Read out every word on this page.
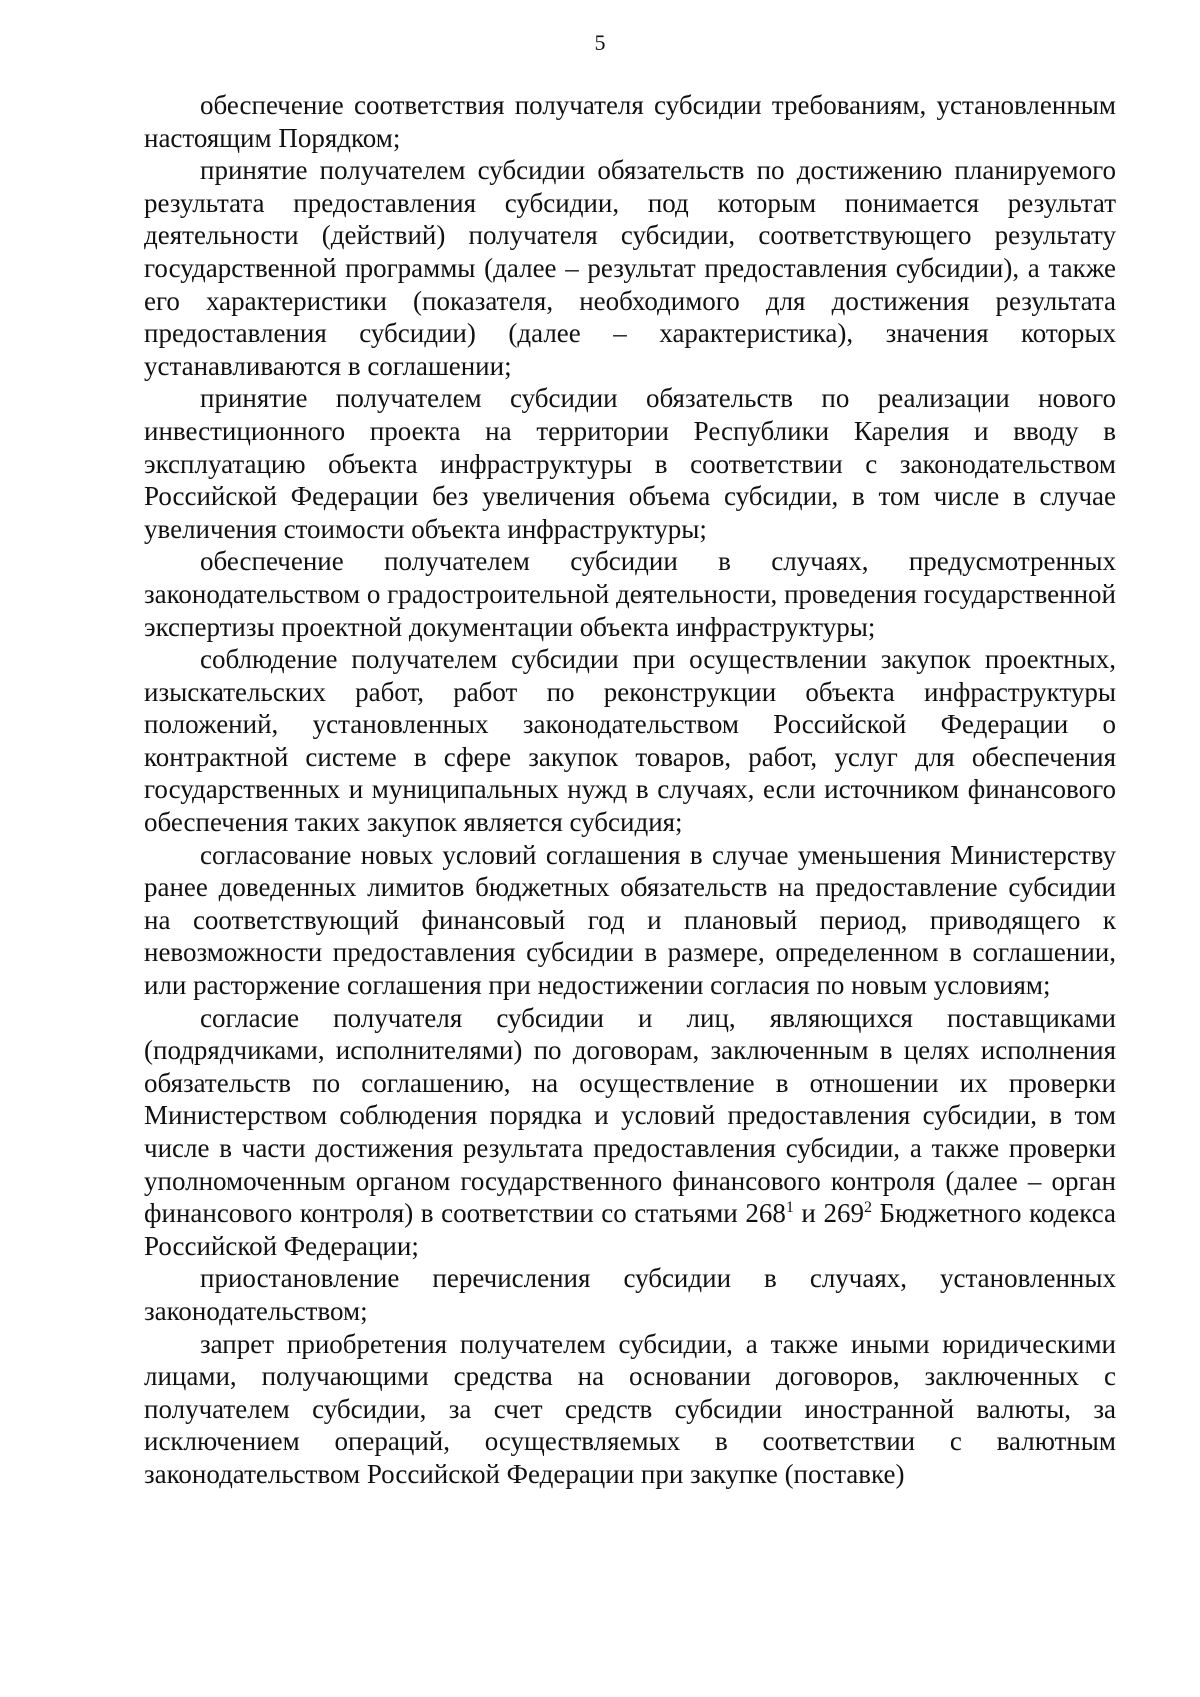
5

обеспечение соответствия получателя субсидии требованиям, установленным настоящим Порядком;

принятие получателем субсидии обязательств по достижению планируемого результата предоставления субсидии, под которым понимается результат деятельности (действий) получателя субсидии, соответствующего результату государственной программы (далее – результат предоставления субсидии), а также его характеристики (показателя, необходимого для достижения результата предоставления субсидии) (далее – характеристика), значения которых устанавливаются в соглашении;

принятие получателем субсидии обязательств по реализации нового инвестиционного проекта на территории Республики Карелия и вводу в эксплуатацию объекта инфраструктуры в соответствии с законодательством Российской Федерации без увеличения объема субсидии, в том числе в случае увеличения стоимости объекта инфраструктуры;

обеспечение получателем субсидии в случаях, предусмотренных законодательством о градостроительной деятельности, проведения государственной экспертизы проектной документации объекта инфраструктуры;

соблюдение получателем субсидии при осуществлении закупок проектных, изыскательских работ, работ по реконструкции объекта инфраструктуры положений, установленных законодательством Российской Федерации о контрактной системе в сфере закупок товаров, работ, услуг для обеспечения государственных и муниципальных нужд в случаях, если источником финансового обеспечения таких закупок является субсидия;

согласование новых условий соглашения в случае уменьшения Министерству ранее доведенных лимитов бюджетных обязательств на предоставление субсидии на соответствующий финансовый год и плановый период, приводящего к невозможности предоставления субсидии в размере, определенном в соглашении, или расторжение соглашения при недостижении согласия по новым условиям;

согласие получателя субсидии и лиц, являющихся поставщиками (подрядчиками, исполнителями) по договорам, заключенным в целях исполнения обязательств по соглашению, на осуществление в отношении их проверки Министерством соблюдения порядка и условий предоставления субсидии, в том числе в части достижения результата предоставления субсидии, а также проверки уполномоченным органом государственного финансового контроля (далее – орган финансового контроля) в соответствии со статьями $268^1$ и $269^2$ Бюджетного кодекса Российской Федерации;

приостановление перечисления субсидии в случаях, установленных законодательством;

запрет приобретения получателем субсидии, а также иными юридическими лицами, получающими средства на основании договоров, заключенных с получателем субсидии, за счет средств субсидии иностранной валюты, за исключением операций, осуществляемых в соответствии с валютным законодательством Российской Федерации при закупке (поставке)
